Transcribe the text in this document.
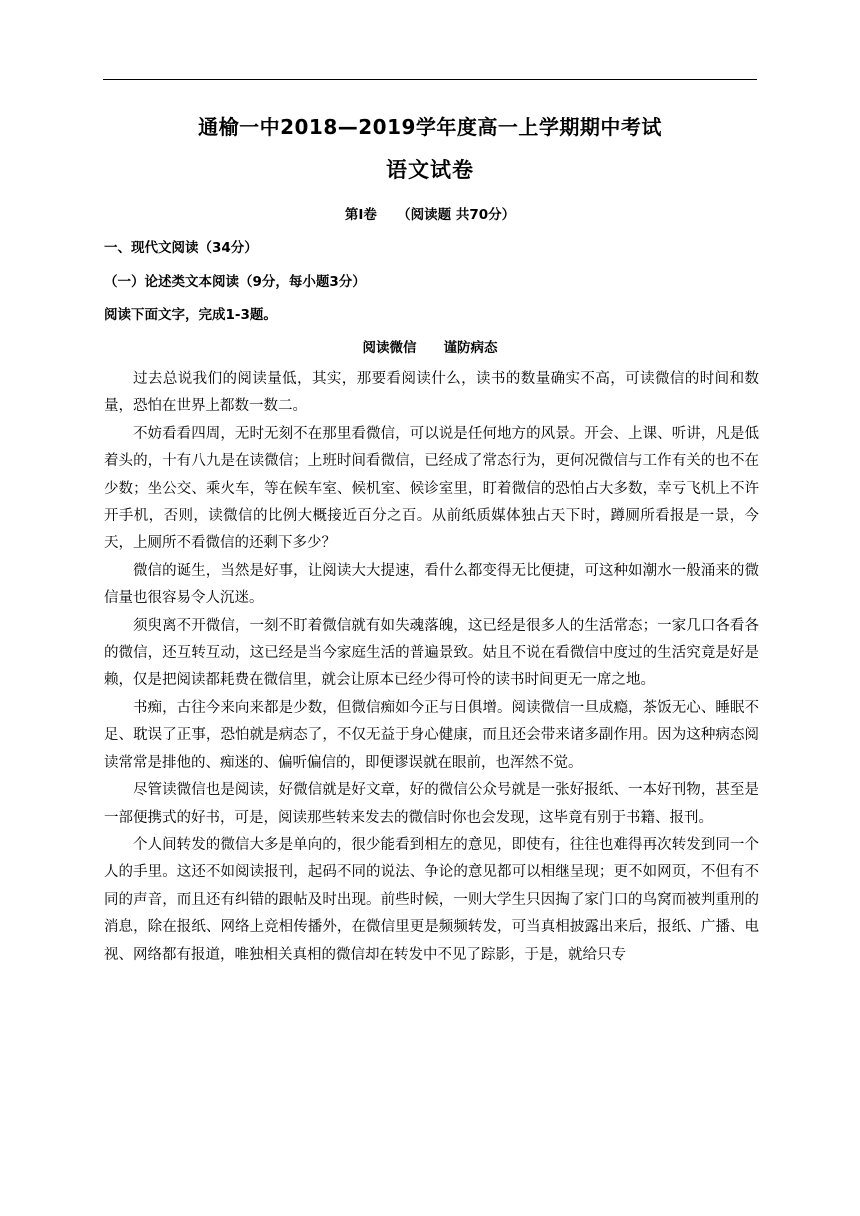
通榆一中2018—2019学年度高一上学期期中考试
语文试卷
第Ⅰ卷　　（阅读题 共70分）
一、现代文阅读（34分）
（一）论述类文本阅读（9分，每小题3分）
阅读下面文字，完成1-3题。
阅读微信　　谨防病态

过去总说我们的阅读量低，其实，那要看阅读什么，读书的数量确实不高，可读微信的时间和数量，恐怕在世界上都数一数二。

不妨看看四周，无时无刻不在那里看微信，可以说是任何地方的风景。开会、上课、听讲，凡是低着头的，十有八九是在读微信；上班时间看微信，已经成了常态行为，更何况微信与工作有关的也不在少数；坐公交、乘火车，等在候车室、候机室、候诊室里，盯着微信的恐怕占大多数，幸亏飞机上不许开手机，否则，读微信的比例大概接近百分之百。从前纸质媒体独占天下时，蹲厕所看报是一景，今天，上厕所不看微信的还剩下多少？

微信的诞生，当然是好事，让阅读大大提速，看什么都变得无比便捷，可这种如潮水一般涌来的微信量也很容易令人沉迷。

须臾离不开微信，一刻不盯着微信就有如失魂落魄，这已经是很多人的生活常态；一家几口各看各的微信，还互转互动，这已经是当今家庭生活的普遍景致。姑且不说在看微信中度过的生活究竟是好是赖，仅是把阅读都耗费在微信里，就会让原本已经少得可怜的读书时间更无一席之地。

书痴，古往今来向来都是少数，但微信痴如今正与日俱增。阅读微信一旦成瘾，茶饭无心、睡眠不足、耽误了正事，恐怕就是病态了，不仅无益于身心健康，而且还会带来诸多副作用。因为这种病态阅读常常是排他的、痴迷的、偏听偏信的，即便谬误就在眼前，也浑然不觉。

尽管读微信也是阅读，好微信就是好文章，好的微信公众号就是一张好报纸、一本好刊物，甚至是一部便携式的好书，可是，阅读那些转来发去的微信时你也会发现，这毕竟有别于书籍、报刊。

个人间转发的微信大多是单向的，很少能看到相左的意见，即使有，往往也难得再次转发到同一个人的手里。这还不如阅读报刊，起码不同的说法、争论的意见都可以相继呈现；更不如网页，不但有不同的声音，而且还有纠错的跟帖及时出现。前些时候，一则大学生只因掏了家门口的鸟窝而被判重刑的消息，除在报纸、网络上竞相传播外，在微信里更是频频转发，可当真相披露出来后，报纸、广播、电视、网络都有报道，唯独相关真相的微信却在转发中不见了踪影，于是，就给只专
